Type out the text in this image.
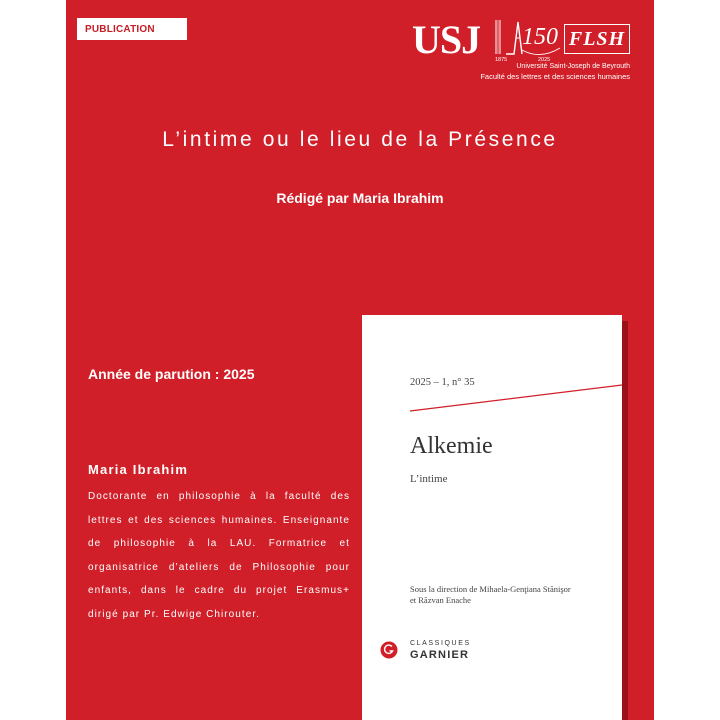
PUBLICATION	USJ	1875
150
2025
FLSH
Université Saint-Joseph de Beyrouth
Faculté des lettres et des sciences humaines
L’intime ou le lieu de la Présence
Rédigé par Maria Ibrahim
Année de parution : 2025
Maria Ibrahim

Doctorante en philosophie à la faculté des lettres et des sciences humaines. Enseignante de philosophie à la LAU. Formatrice et organisatrice d’ateliers de Philosophie pour enfants, dans le cadre du projet Erasmus+ dirigé par Pr. Edwige Chirouter.

2025 – 1, n° 35
Alkemie
L’intime
Sous la direction de Mihaela-Genţiana Stănişor
et Răzvan Enache
CLASSIQUES
GARNIER
